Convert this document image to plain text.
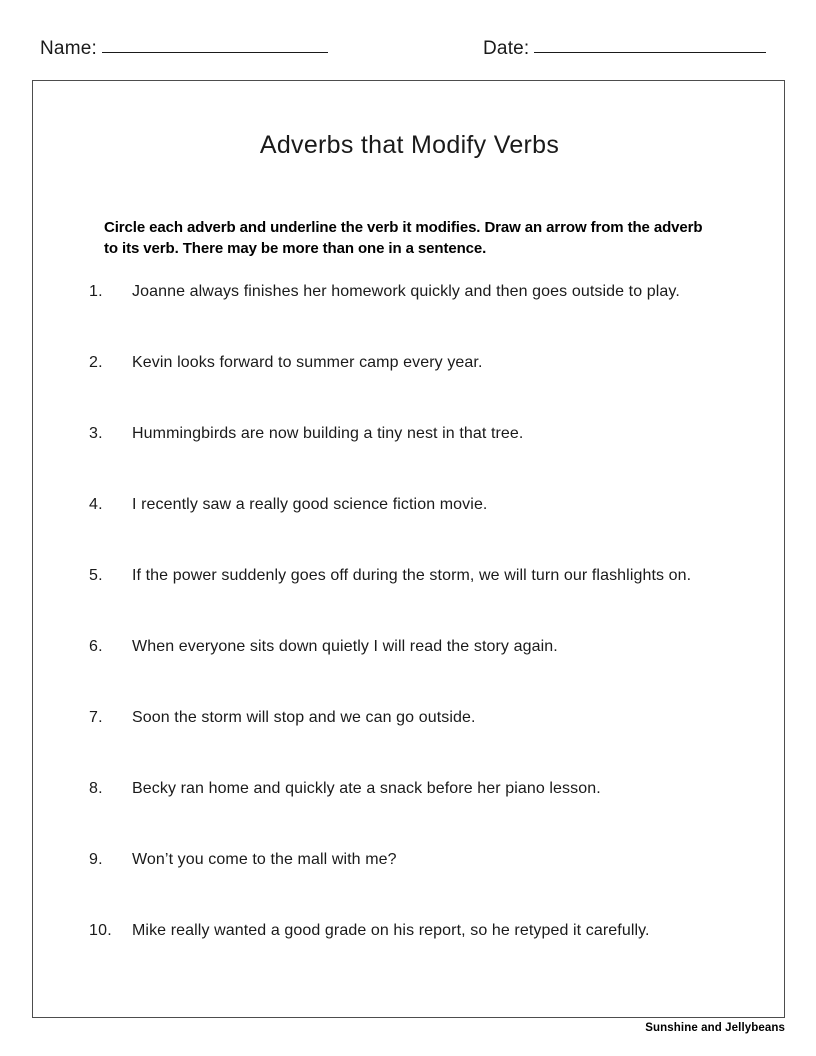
Name:	Date:
Adverbs that Modify Verbs
Circle each adverb and underline the verb it modifies. Draw an arrow from the adverb to its verb. There may be more than one in a sentence.
1.	Joanne always finishes her homework quickly and then goes outside to play.
2.	Kevin looks forward to summer camp every year.
3.	Hummingbirds are now building a tiny nest in that tree.
4.	I recently saw a really good science fiction movie.
5.	If the power suddenly goes off during the storm, we will turn our flashlights on.
6.	When everyone sits down quietly I will read the story again.
7.	Soon the storm will stop and we can go outside.
8.	Becky ran home and quickly ate a snack before her piano lesson.
9.	Won’t you come to the mall with me?
10.	Mike really wanted a good grade on his report, so he retyped it carefully.
Sunshine and Jellybeans
